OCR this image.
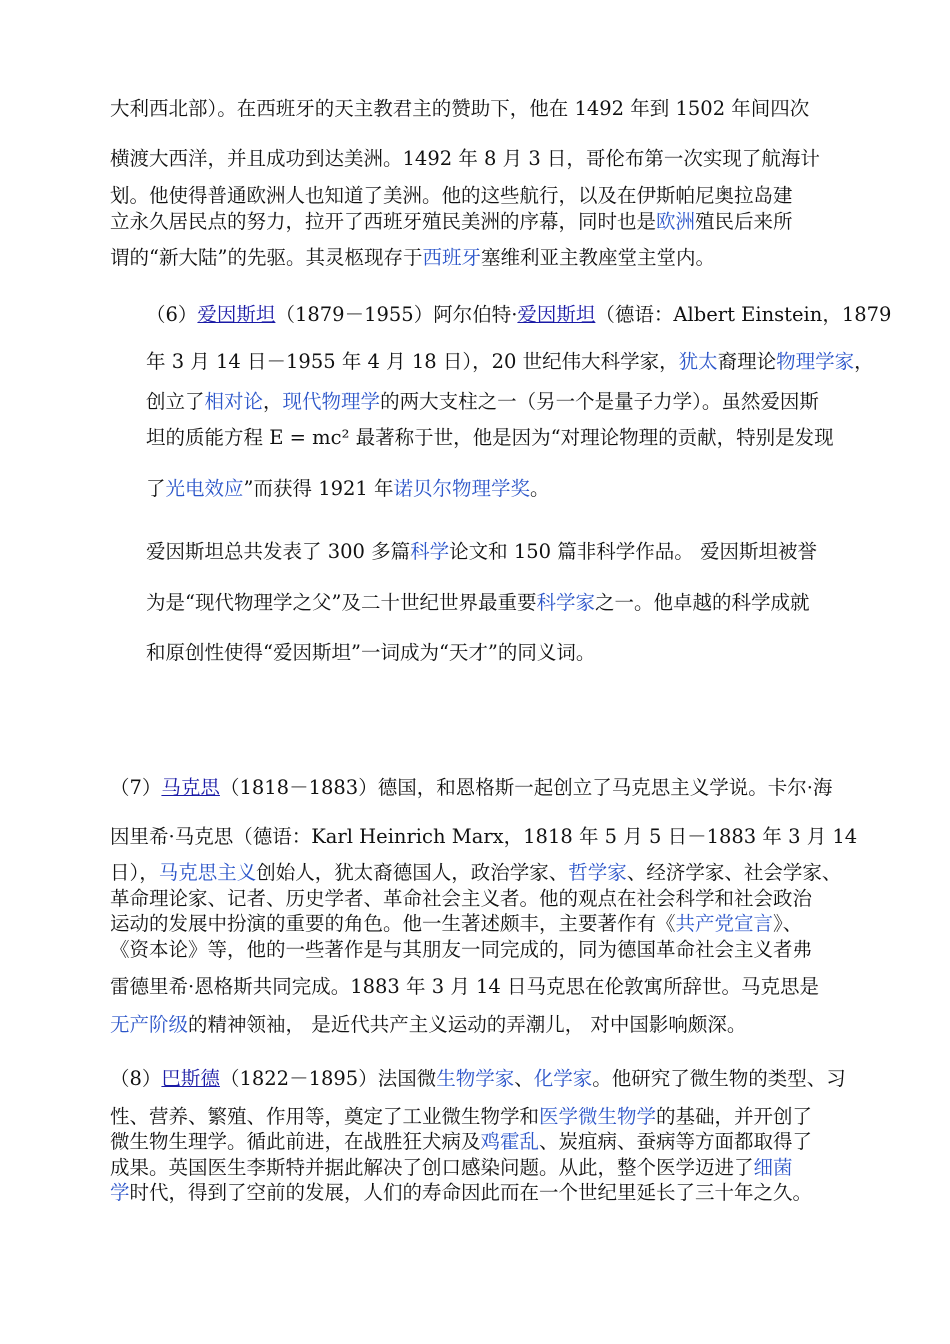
大利西北部）。在西班牙的天主教君主的赞助下，他在 1492 年到 1502 年间四次
横渡大西洋，并且成功到达美洲。1492 年 8 月 3 日，哥伦布第一次实现了航海计
划。他使得普通欧洲人也知道了美洲。他的这些航行，以及在伊斯帕尼奥拉岛建
立永久居民点的努力，拉开了西班牙殖民美洲的序幕，同时也是欧洲殖民后来所
谓的“新大陆”的先驱。其灵柩现存于西班牙塞维利亚主教座堂主堂内。
（6）爱因斯坦（1879－1955）阿尔伯特·爱因斯坦（德语：Albert Einstein，1879
年 3 月 14 日－1955 年 4 月 18 日），20 世纪伟大科学家，犹太裔理论物理学家，
创立了相对论，现代物理学的两大支柱之一（另一个是量子力学）。虽然爱因斯
坦的质能方程 E = mc² 最著称于世，他是因为“对理论物理的贡献，特别是发现
了光电效应”而获得 1921 年诺贝尔物理学奖。
爱因斯坦总共发表了 300 多篇科学论文和 150 篇非科学作品。 爱因斯坦被誉
为是“现代物理学之父”及二十世纪世界最重要科学家之一。他卓越的科学成就
和原创性使得“爱因斯坦”一词成为“天才”的同义词。
（7）马克思（1818－1883）德国，和恩格斯一起创立了马克思主义学说。卡尔·海
因里希·马克思（德语：Karl Heinrich Marx，1818 年 5 月 5 日－1883 年 3 月 14
日），马克思主义创始人，犹太裔德国人，政治学家、哲学家、经济学家、社会学家、
革命理论家、记者、历史学者、革命社会主义者。他的观点在社会科学和社会政治
运动的发展中扮演的重要的角色。他一生著述颇丰，主要著作有《共产党宣言》、
《资本论》等，他的一些著作是与其朋友一同完成的，同为德国革命社会主义者弗
雷德里希·恩格斯共同完成。1883 年 3 月 14 日马克思在伦敦寓所辞世。马克思是
无产阶级的精神领袖， 是近代共产主义运动的弄潮儿， 对中国影响颇深。
（8）巴斯德（1822－1895）法国微生物学家、化学家。他研究了微生物的类型、习
性、营养、繁殖、作用等，奠定了工业微生物学和医学微生物学的基础，并开创了
微生物生理学。循此前进，在战胜狂犬病及鸡霍乱、炭疽病、蚕病等方面都取得了
成果。英国医生李斯特并据此解决了创口感染问题。从此，整个医学迈进了细菌
学时代，得到了空前的发展，人们的寿命因此而在一个世纪里延长了三十年之久。
